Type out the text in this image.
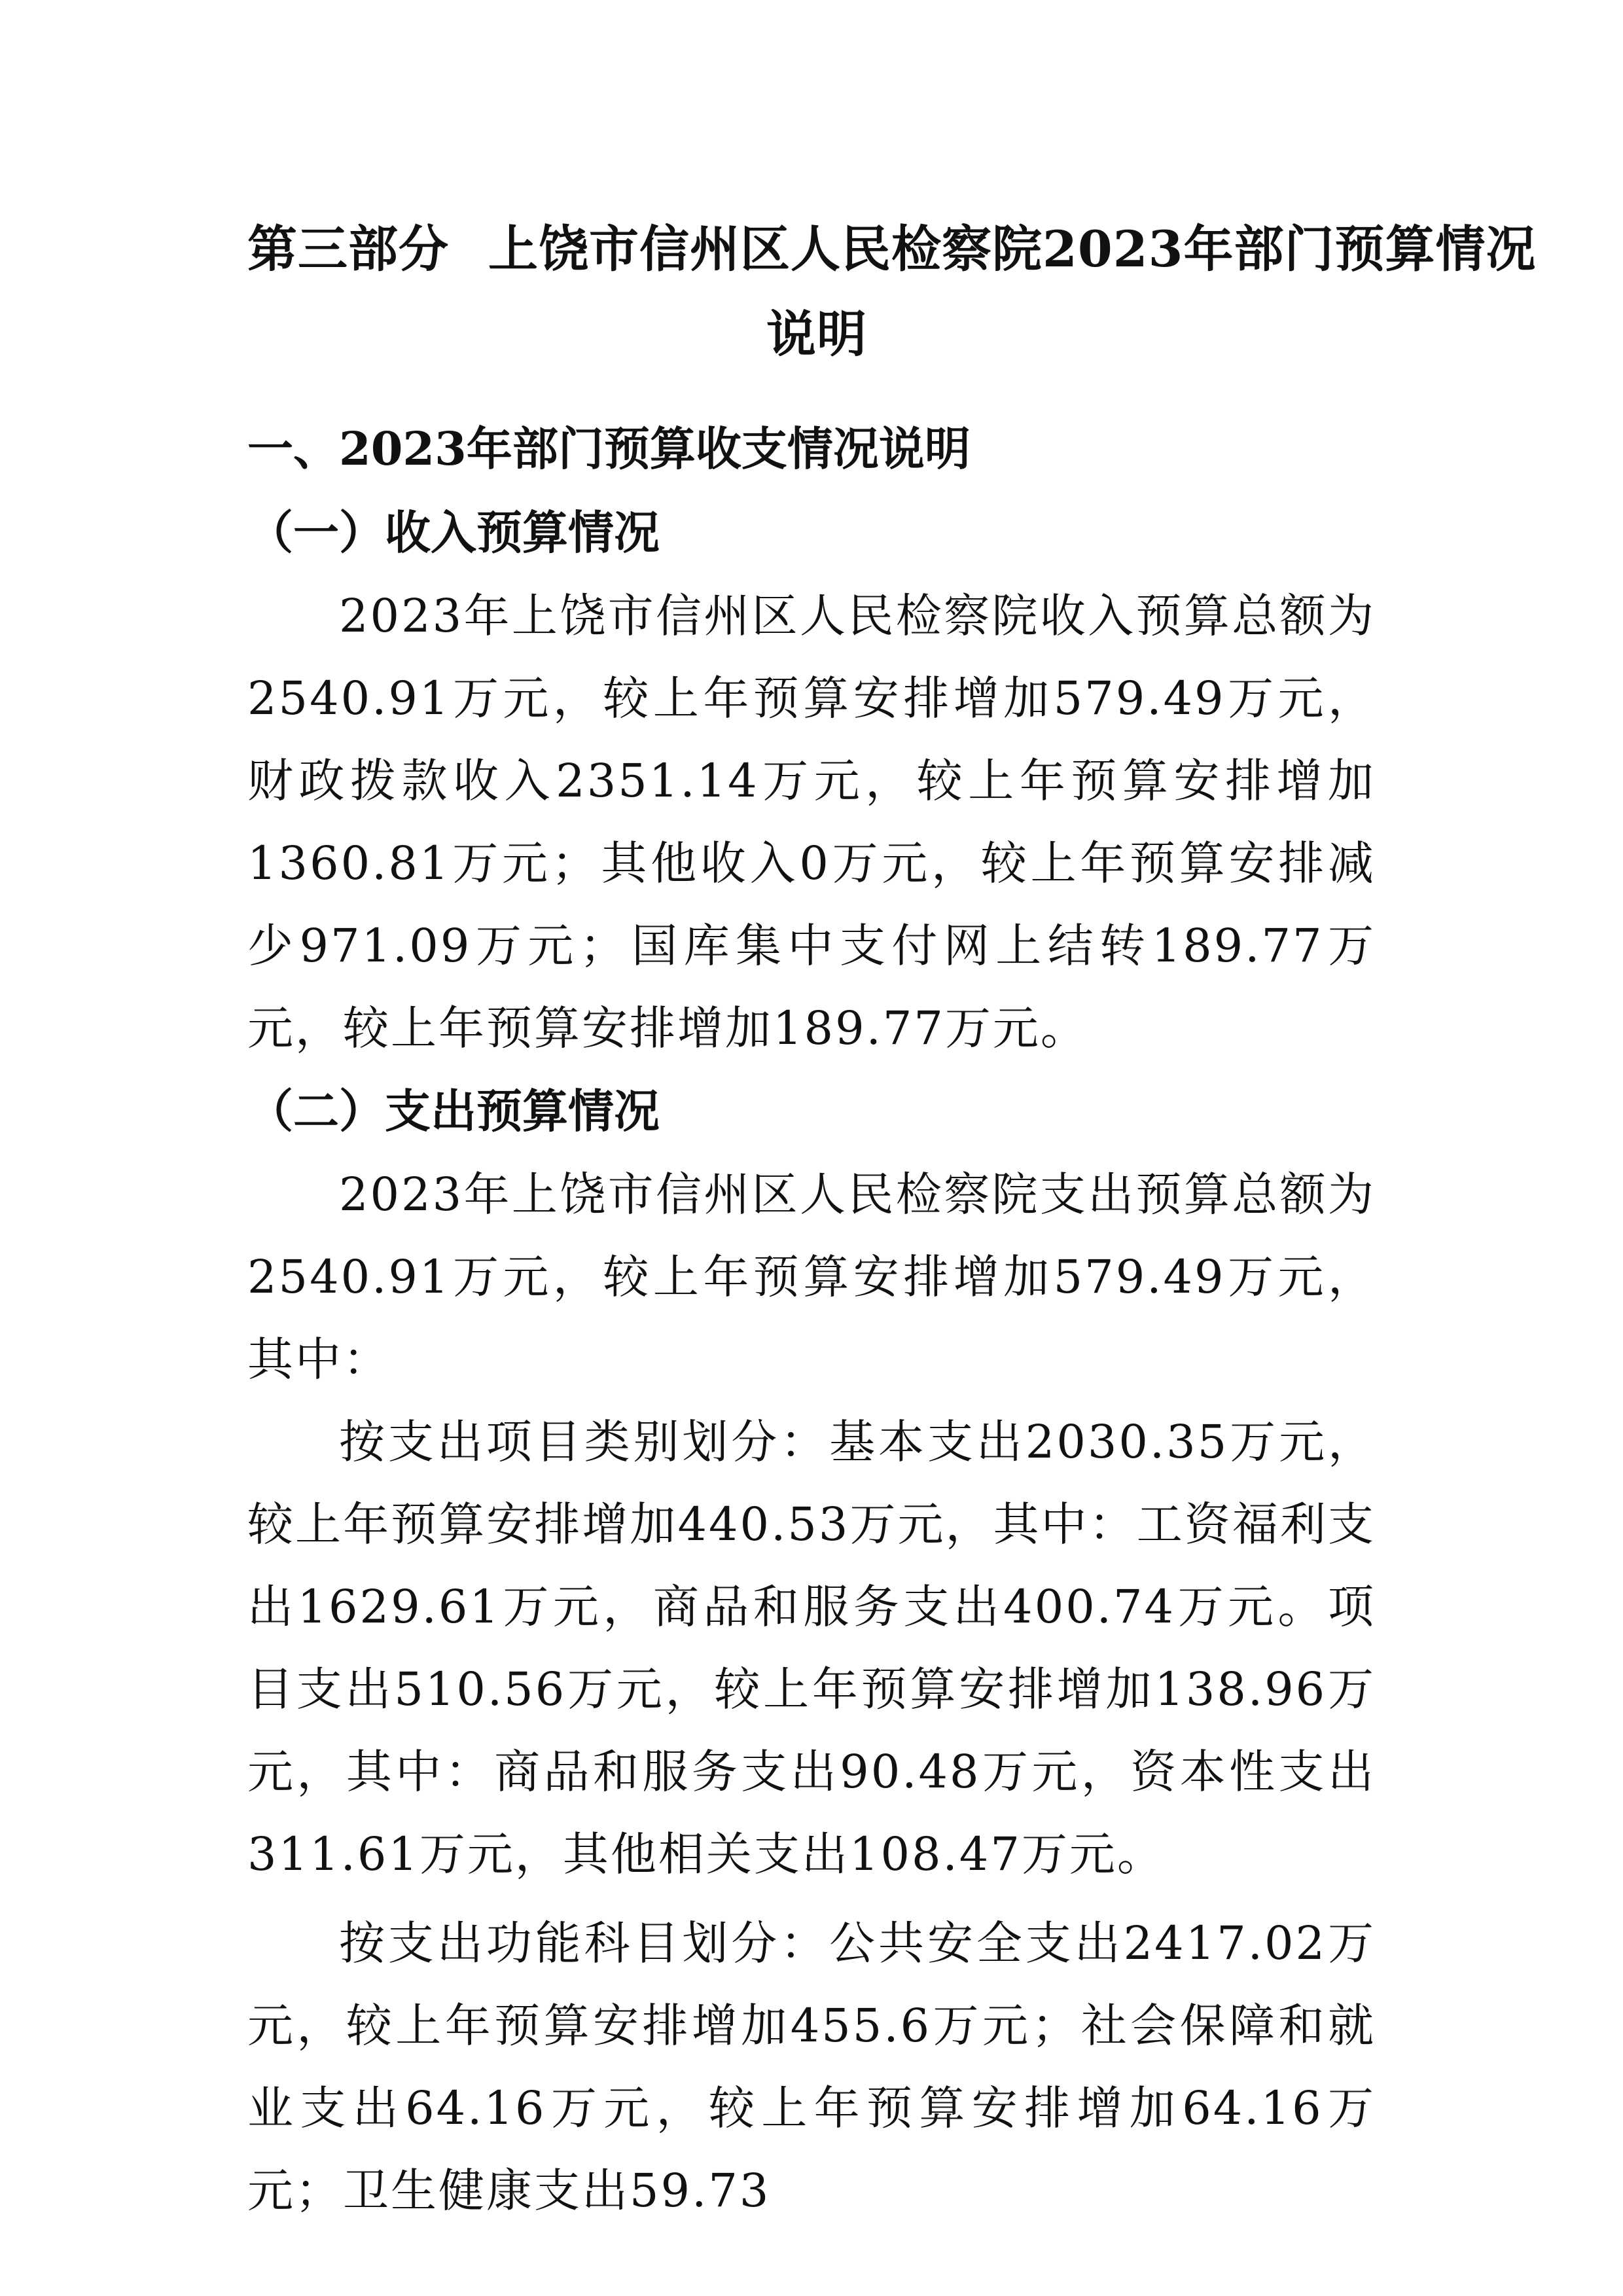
第三部分 上饶市信州区人民检察院2023年部门预算情况
说明
一、2023年部门预算收支情况说明
（一）收入预算情况

2023年上饶市信州区人民检察院收入预算总额为2540.91万元，较上年预算安排增加579.49万元，财政拨款收入2351.14万元，较上年预算安排增加1360.81万元；其他收入0万元，较上年预算安排减少971.09万元；国库集中支付网上结转189.77万元，较上年预算安排增加189.77万元。

（二）支出预算情况

2023年上饶市信州区人民检察院支出预算总额为2540.91万元，较上年预算安排增加579.49万元，其中：

按支出项目类别划分：基本支出2030.35万元，较上年预算安排增加440.53万元，其中：工资福利支出1629.61万元，商品和服务支出400.74万元。项目支出510.56万元，较上年预算安排增加138.96万元，其中：商品和服务支出90.48万元，资本性支出311.61万元，其他相关支出108.47万元。

按支出功能科目划分：公共安全支出2417.02万元，较上年预算安排增加455.6万元；社会保障和就业支出64.16万元，较上年预算安排增加64.16万元；卫生健康支出59.73
